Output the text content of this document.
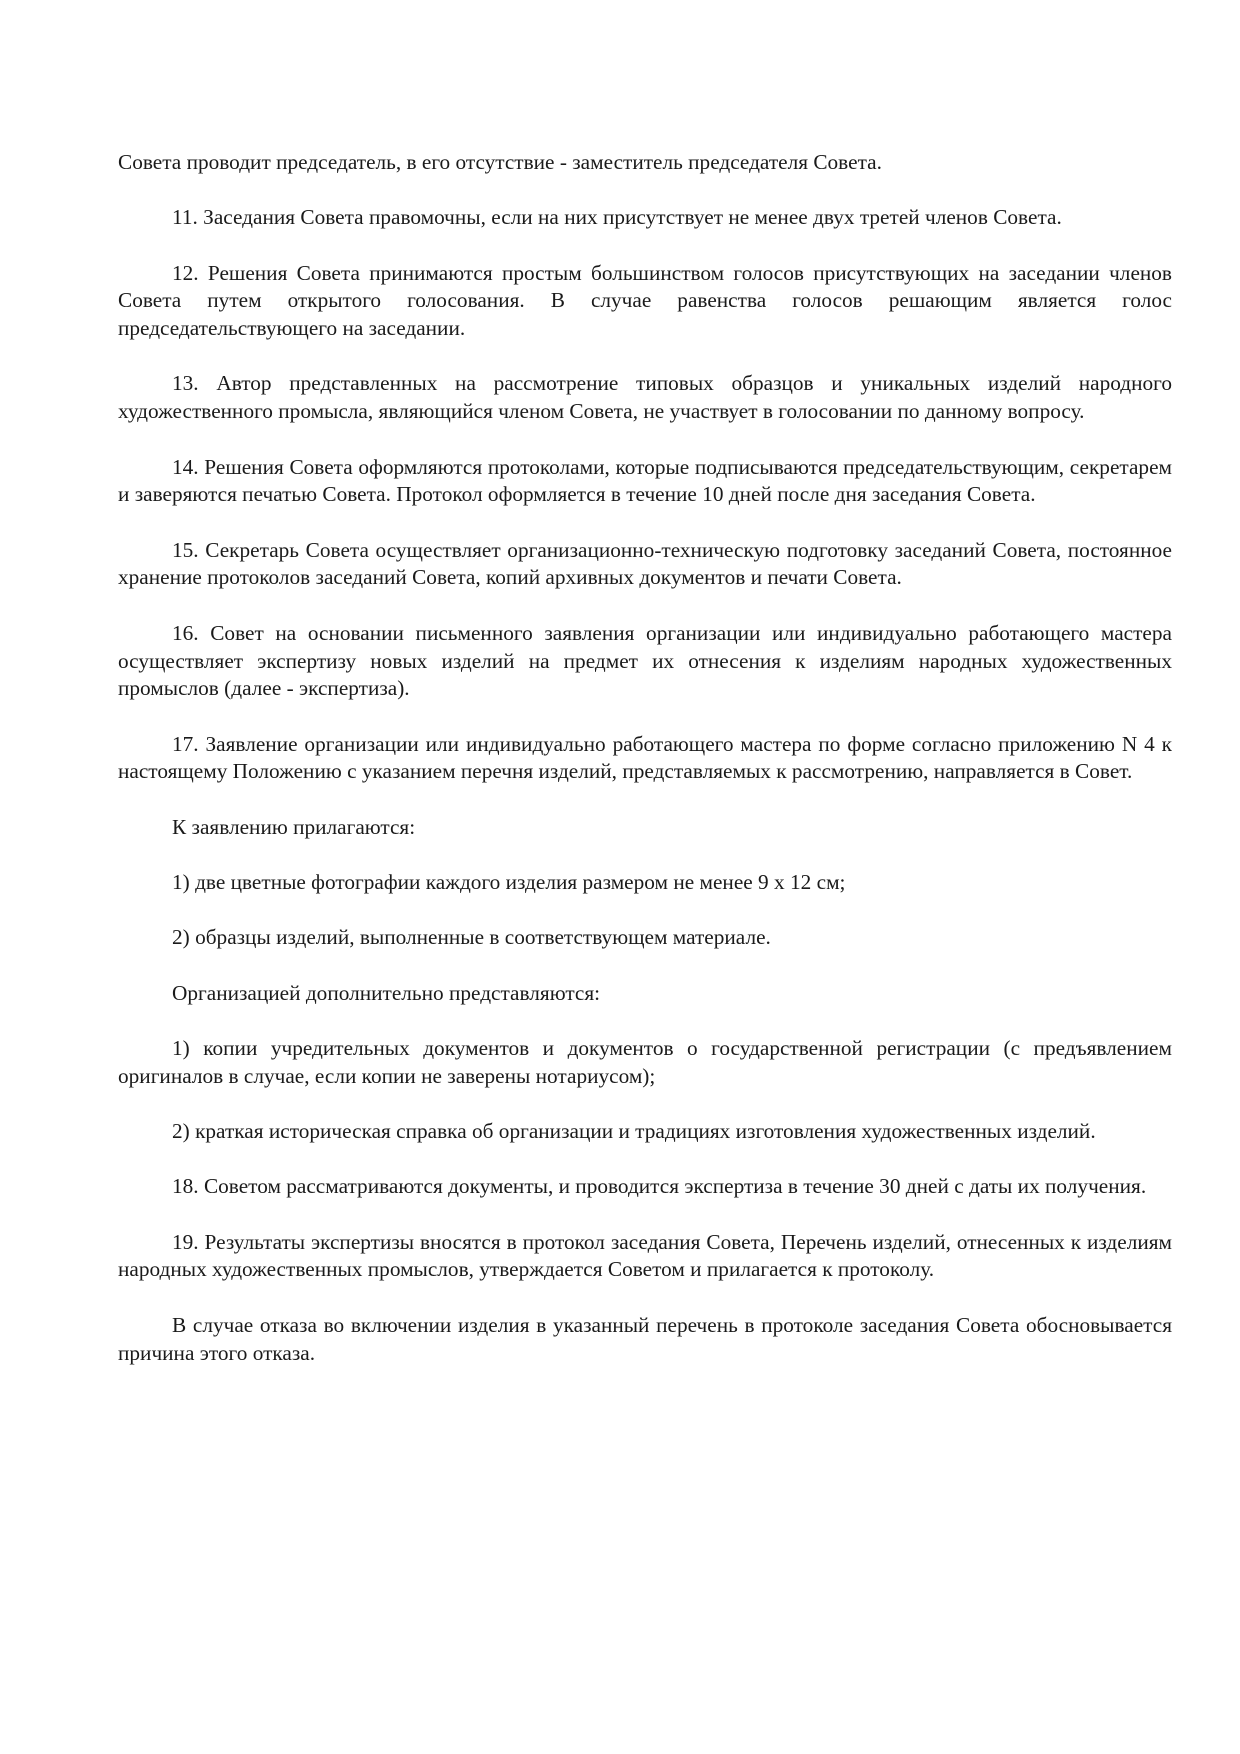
Совета проводит председатель, в его отсутствие - заместитель председателя Совета.

11. Заседания Совета правомочны, если на них присутствует не менее двух третей членов Совета.

12. Решения Совета принимаются простым большинством голосов присутствующих на заседании членов Совета путем открытого голосования. В случае равенства голосов решающим является голос председательствующего на заседании.

13. Автор представленных на рассмотрение типовых образцов и уникальных изделий народного художественного промысла, являющийся членом Совета, не участвует в голосовании по данному вопросу.

14. Решения Совета оформляются протоколами, которые подписываются председательствующим, секретарем и заверяются печатью Совета. Протокол оформляется в течение 10 дней после дня заседания Совета.

15. Секретарь Совета осуществляет организационно-техническую подготовку заседаний Совета, постоянное хранение протоколов заседаний Совета, копий архивных документов и печати Совета.

16. Совет на основании письменного заявления организации или индивидуально работающего мастера осуществляет экспертизу новых изделий на предмет их отнесения к изделиям народных художественных промыслов (далее - экспертиза).

17. Заявление организации или индивидуально работающего мастера по форме согласно приложению N 4 к настоящему Положению с указанием перечня изделий, представляемых к рассмотрению, направляется в Совет.

К заявлению прилагаются:

1) две цветные фотографии каждого изделия размером не менее 9 х 12 см;

2) образцы изделий, выполненные в соответствующем материале.

Организацией дополнительно представляются:

1) копии учредительных документов и документов о государственной регистрации (с предъявлением оригиналов в случае, если копии не заверены нотариусом);

2) краткая историческая справка об организации и традициях изготовления художественных изделий.

18. Советом рассматриваются документы, и проводится экспертиза в течение 30 дней с даты их получения.

19. Результаты экспертизы вносятся в протокол заседания Совета, Перечень изделий, отнесенных к изделиям народных художественных промыслов, утверждается Советом и прилагается к протоколу.

В случае отказа во включении изделия в указанный перечень в протоколе заседания Совета обосновывается причина этого отказа.
